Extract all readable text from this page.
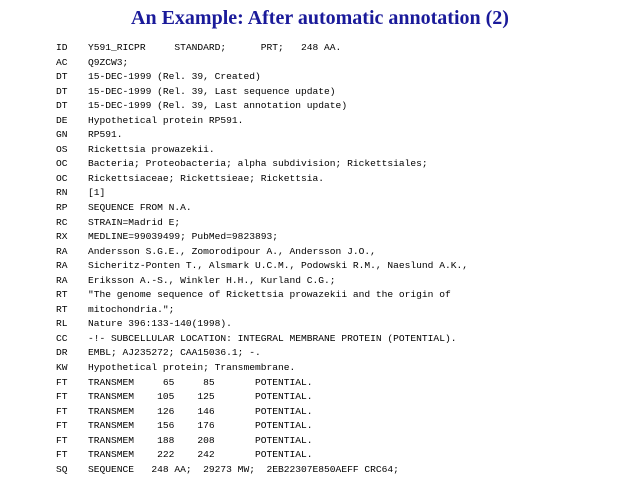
An Example: After automatic annotation (2)
ID Y591_RICPR     STANDARD;      PRT;   248 AA.
AC Q9ZCW3;
DT 15-DEC-1999 (Rel. 39, Created)
DT 15-DEC-1999 (Rel. 39, Last sequence update)
DT 15-DEC-1999 (Rel. 39, Last annotation update)
DE Hypothetical protein RP591.
GN RP591.
OS Rickettsia prowazekii.
OC Bacteria; Proteobacteria; alpha subdivision; Rickettsiales;
OC Rickettsiaceae; Rickettsieae; Rickettsia.
RN [1]
RP SEQUENCE FROM N.A.
RC STRAIN=Madrid E;
RX MEDLINE=99039499; PubMed=9823893;
RA Andersson S.G.E., Zomorodipour A., Andersson J.O.,
RA Sicheritz-Ponten T., Alsmark U.C.M., Podowski R.M., Naeslund A.K.,
RA Eriksson A.-S., Winkler H.H., Kurland C.G.;
RT "The genome sequence of Rickettsia prowazekii and the origin of
RT mitochondria.";
RL Nature 396:133-140(1998).
CC -!- SUBCELLULAR LOCATION: INTEGRAL MEMBRANE PROTEIN (POTENTIAL).
DR EMBL; AJ235272; CAA15036.1; -.
KW Hypothetical protein; Transmembrane.
FT TRANSMEM     65     85       POTENTIAL.
FT TRANSMEM    105    125       POTENTIAL.
FT TRANSMEM    126    146       POTENTIAL.
FT TRANSMEM    156    176       POTENTIAL.
FT TRANSMEM    188    208       POTENTIAL.
FT TRANSMEM    222    242       POTENTIAL.
SQ SEQUENCE   248 AA;  29273 MW;  2EB22307E850AEFF CRC64;
